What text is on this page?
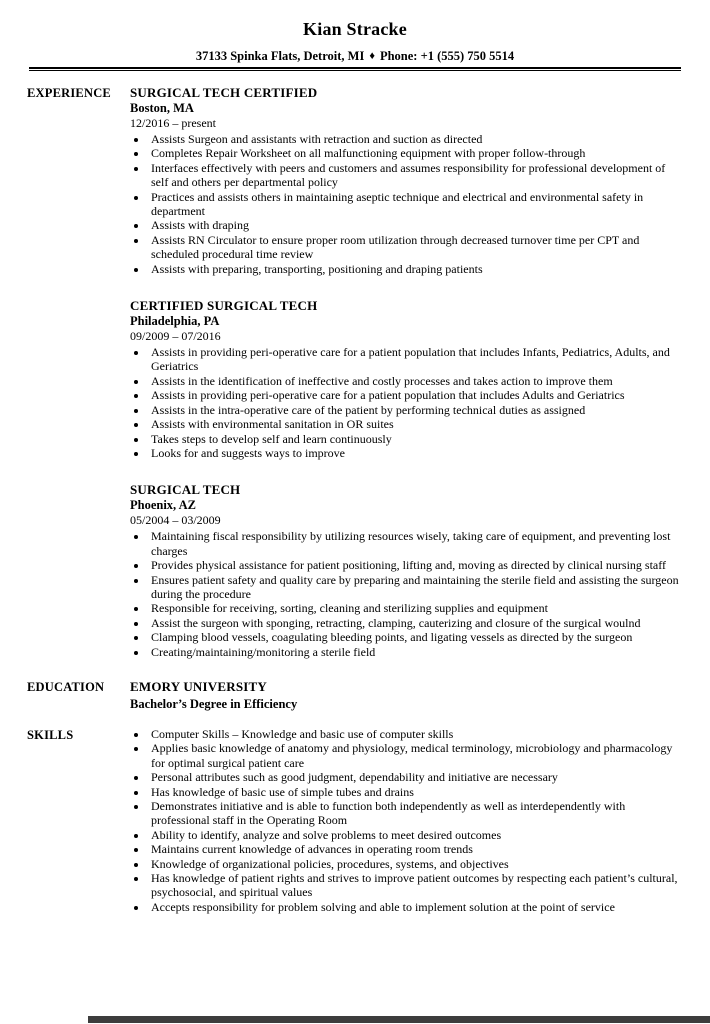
Kian Stracke
37133 Spinka Flats, Detroit, MI ♦ Phone: +1 (555) 750 5514
EXPERIENCE	SURGICAL TECH CERTIFIED
Boston, MA
12/2016 – present
• Assists Surgeon and assistants with retraction and suction as directed
• Completes Repair Worksheet on all malfunctioning equipment with proper follow-through
• Interfaces effectively with peers and customers and assumes responsibility for professional development of self and others per departmental policy
• Practices and assists others in maintaining aseptic technique and electrical and environmental safety in department
• Assists with draping
• Assists RN Circulator to ensure proper room utilization through decreased turnover time per CPT and scheduled procedural time review
• Assists with preparing, transporting, positioning and draping patients
CERTIFIED SURGICAL TECH
Philadelphia, PA
09/2009 – 07/2016
• Assists in providing peri-operative care for a patient population that includes Infants, Pediatrics, Adults, and Geriatrics
• Assists in the identification of ineffective and costly processes and takes action to improve them
• Assists in providing peri-operative care for a patient population that includes Adults and Geriatrics
• Assists in the intra-operative care of the patient by performing technical duties as assigned
• Assists with environmental sanitation in OR suites
• Takes steps to develop self and learn continuously
• Looks for and suggests ways to improve
SURGICAL TECH
Phoenix, AZ
05/2004 – 03/2009
• Maintaining fiscal responsibility by utilizing resources wisely, taking care of equipment, and preventing lost charges
• Provides physical assistance for patient positioning, lifting and, moving as directed by clinical nursing staff
• Ensures patient safety and quality care by preparing and maintaining the sterile field and assisting the surgeon during the procedure
• Responsible for receiving, sorting, cleaning and sterilizing supplies and equipment
• Assist the surgeon with sponging, retracting, clamping, cauterizing and closure of the surgical woulnd
• Clamping blood vessels, coagulating bleeding points, and ligating vessels as directed by the surgeon
• Creating/maintaining/monitoring a sterile field
EDUCATION	EMORY UNIVERSITY
Bachelor’s Degree in Efficiency
SKILLS	• Computer Skills – Knowledge and basic use of computer skills
• Applies basic knowledge of anatomy and physiology, medical terminology, microbiology and pharmacology for optimal surgical patient care
• Personal attributes such as good judgment, dependability and initiative are necessary
• Has knowledge of basic use of simple tubes and drains
• Demonstrates initiative and is able to function both independently as well as interdependently with professional staff in the Operating Room
• Ability to identify, analyze and solve problems to meet desired outcomes
• Maintains current knowledge of advances in operating room trends
• Knowledge of organizational policies, procedures, systems, and objectives
• Has knowledge of patient rights and strives to improve patient outcomes by respecting each patient’s cultural, psychosocial, and spiritual values
• Accepts responsibility for problem solving and able to implement solution at the point of service
